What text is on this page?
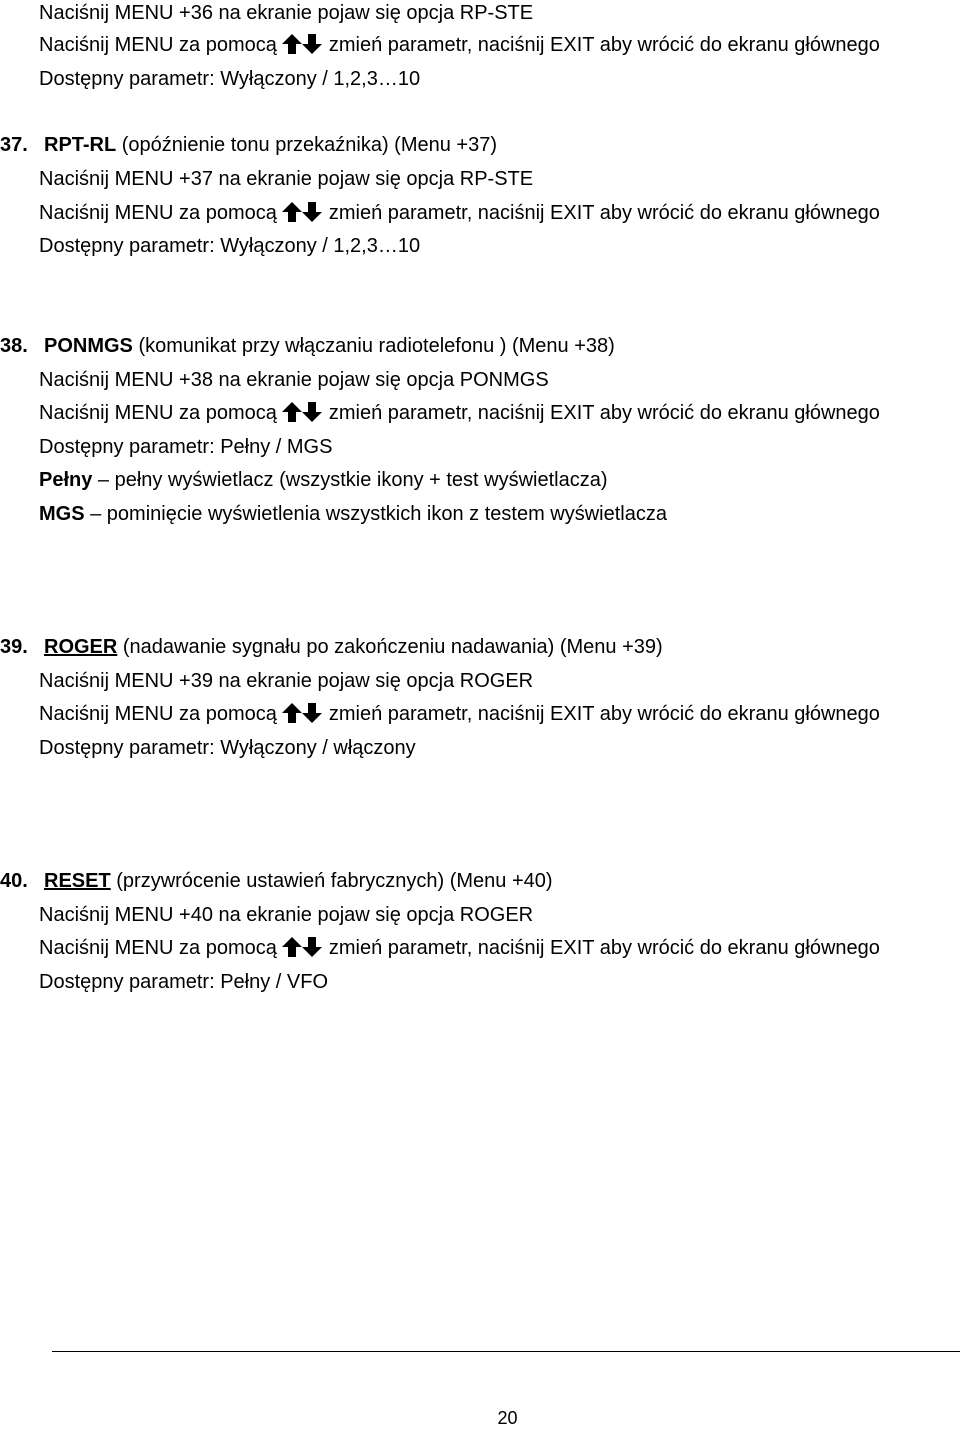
Naciśnij MENU +36 na ekranie pojaw się opcja RP-STE
Naciśnij MENU za pomocą	zmień parametr, naciśnij EXIT aby wrócić do ekranu głównego
Dostępny parametr: Wyłączony / 1,2,3…10
37. RPT-RL (opóźnienie tonu przekaźnika) (Menu +37)
Naciśnij MENU +37 na ekranie pojaw się opcja RP-STE
Naciśnij MENU za pomocą	zmień parametr, naciśnij EXIT aby wrócić do ekranu głównego
Dostępny parametr: Wyłączony / 1,2,3…10
38. PONMGS (komunikat przy włączaniu radiotelefonu ) (Menu +38)
Naciśnij MENU +38 na ekranie pojaw się opcja PONMGS
Naciśnij MENU za pomocą	zmień parametr, naciśnij EXIT aby wrócić do ekranu głównego
Dostępny parametr: Pełny / MGS
Pełny – pełny wyświetlacz (wszystkie ikony + test wyświetlacza)
MGS – pominięcie wyświetlenia wszystkich ikon z testem wyświetlacza
39. ROGER (nadawanie sygnału po zakończeniu nadawania) (Menu +39)
Naciśnij MENU +39 na ekranie pojaw się opcja ROGER
Naciśnij MENU za pomocą	zmień parametr, naciśnij EXIT aby wrócić do ekranu głównego
Dostępny parametr: Wyłączony / włączony
40. RESET (przywrócenie ustawień fabrycznych) (Menu +40)
Naciśnij MENU +40 na ekranie pojaw się opcja ROGER
Naciśnij MENU za pomocą	zmień parametr, naciśnij EXIT aby wrócić do ekranu głównego
Dostępny parametr: Pełny / VFO
20
